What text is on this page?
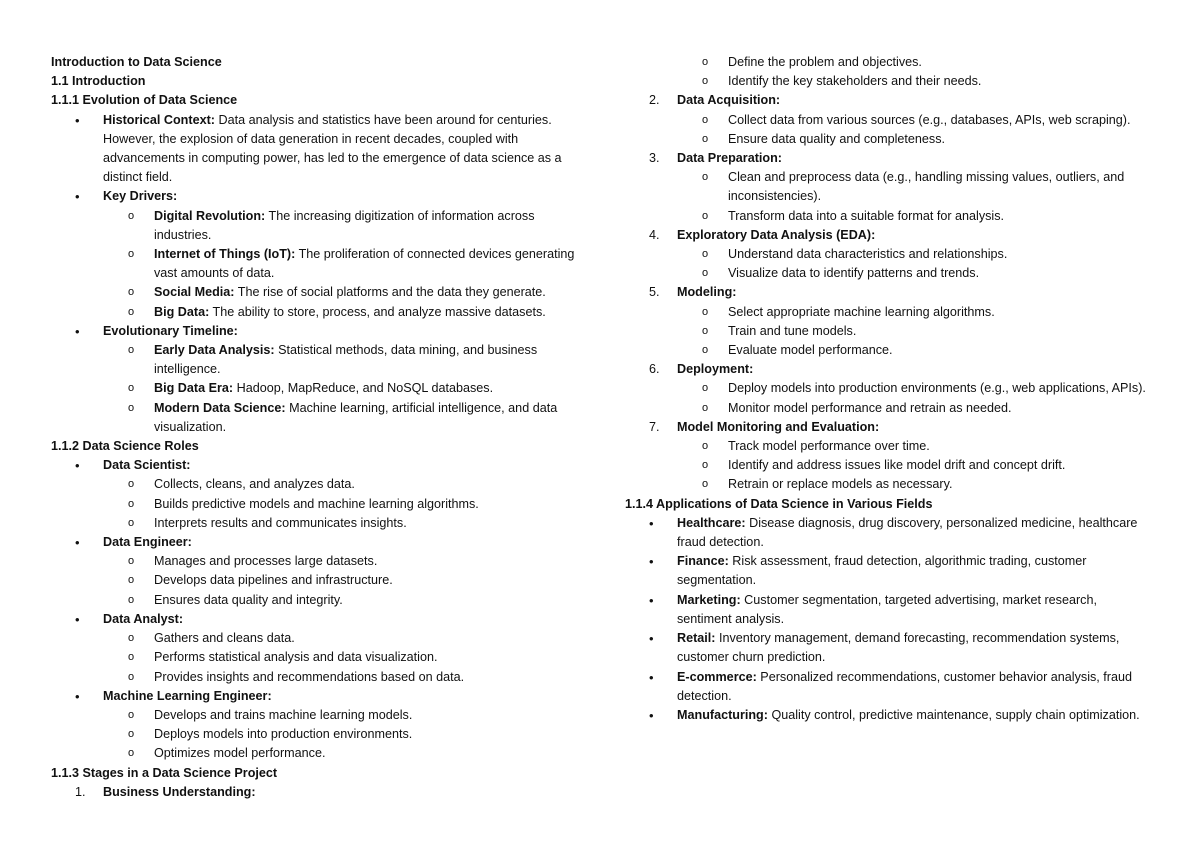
Introduction to Data Science
1.1 Introduction
1.1.1 Evolution of Data Science
• Historical Context: Data analysis and statistics have been around for centuries. However, the explosion of data generation in recent decades, coupled with advancements in computing power, has led to the emergence of data science as a distinct field.
• Key Drivers:
o Digital Revolution: The increasing digitization of information across industries.
o Internet of Things (IoT): The proliferation of connected devices generating vast amounts of data.
o Social Media: The rise of social platforms and the data they generate.
o Big Data: The ability to store, process, and analyze massive datasets.
• Evolutionary Timeline:
o Early Data Analysis: Statistical methods, data mining, and business intelligence.
o Big Data Era: Hadoop, MapReduce, and NoSQL databases.
o Modern Data Science: Machine learning, artificial intelligence, and data visualization.
1.1.2 Data Science Roles
• Data Scientist:
o Collects, cleans, and analyzes data.
o Builds predictive models and machine learning algorithms.
o Interprets results and communicates insights.
• Data Engineer:
o Manages and processes large datasets.
o Develops data pipelines and infrastructure.
o Ensures data quality and integrity.
• Data Analyst:
o Gathers and cleans data.
o Performs statistical analysis and data visualization.
o Provides insights and recommendations based on data.
• Machine Learning Engineer:
o Develops and trains machine learning models.
o Deploys models into production environments.
o Optimizes model performance.
1.1.3 Stages in a Data Science Project
1. Business Understanding:
o Define the problem and objectives.
o Identify the key stakeholders and their needs.
2. Data Acquisition:
o Collect data from various sources (e.g., databases, APIs, web scraping).
o Ensure data quality and completeness.
3. Data Preparation:
o Clean and preprocess data (e.g., handling missing values, outliers, and inconsistencies).
o Transform data into a suitable format for analysis.
4. Exploratory Data Analysis (EDA):
o Understand data characteristics and relationships.
o Visualize data to identify patterns and trends.
5. Modeling:
o Select appropriate machine learning algorithms.
o Train and tune models.
o Evaluate model performance.
6. Deployment:
o Deploy models into production environments (e.g., web applications, APIs).
o Monitor model performance and retrain as needed.
7. Model Monitoring and Evaluation:
o Track model performance over time.
o Identify and address issues like model drift and concept drift.
o Retrain or replace models as necessary.
1.1.4 Applications of Data Science in Various Fields
• Healthcare: Disease diagnosis, drug discovery, personalized medicine, healthcare fraud detection.
• Finance: Risk assessment, fraud detection, algorithmic trading, customer segmentation.
• Marketing: Customer segmentation, targeted advertising, market research, sentiment analysis.
• Retail: Inventory management, demand forecasting, recommendation systems, customer churn prediction.
• E-commerce: Personalized recommendations, customer behavior analysis, fraud detection.
• Manufacturing: Quality control, predictive maintenance, supply chain optimization.
